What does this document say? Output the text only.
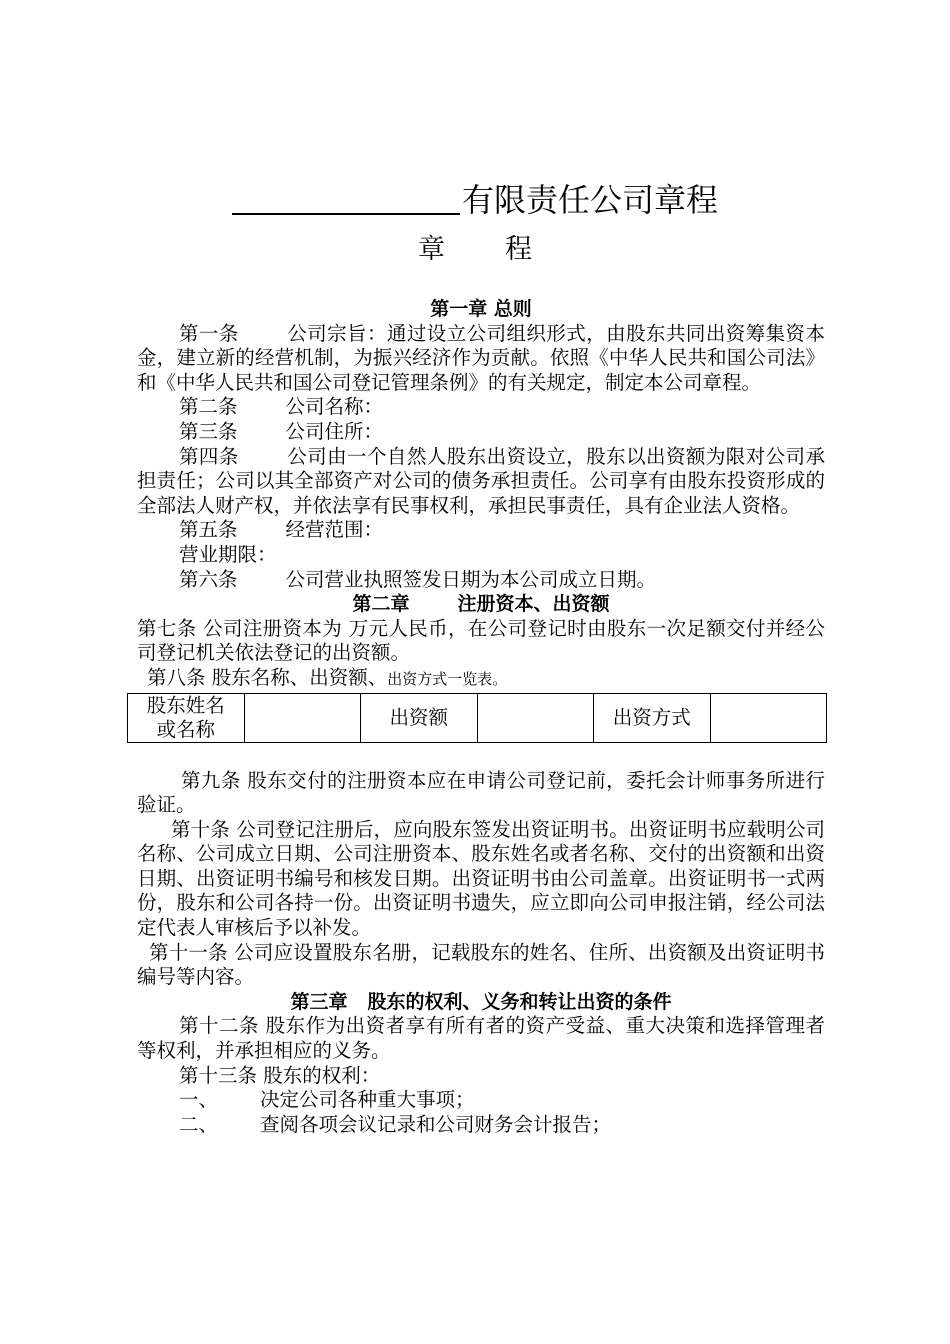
有限责任公司章程
章程

第一章 总则

第一条 公司宗旨：通过设立公司组织形式，由股东共同出资筹集资本金，建立新的经营机制，为振兴经济作为贡献。依照《中华人民共和国公司法》和《中华人民共和国公司登记管理条例》的有关规定，制定本公司章程。

第二条 公司名称：

第三条 公司住所：

第四条 公司由一个自然人股东出资设立，股东以出资额为限对公司承担责任；公司以其全部资产对公司的债务承担责任。公司享有由股东投资形成的全部法人财产权，并依法享有民事权利，承担民事责任，具有企业法人资格。

第五条 经营范围：

营业期限：

第六条 公司营业执照签发日期为本公司成立日期。

第二章	注册资本、出资额

第七条 公司注册资本为 万元人民币，在公司登记时由股东一次足额交付并经公司登记机关依法登记的出资额。

第八条 股东名称、出资额、出资方式一览表。

股东姓名
或名称		出资额		出资方式	

第九条 股东交付的注册资本应在申请公司登记前，委托会计师事务所进行验证。

第十条 公司登记注册后，应向股东签发出资证明书。出资证明书应载明公司名称、公司成立日期、公司注册资本、股东姓名或者名称、交付的出资额和出资日期、出资证明书编号和核发日期。出资证明书由公司盖章。出资证明书一式两份，股东和公司各持一份。出资证明书遗失，应立即向公司申报注销，经公司法定代表人审核后予以补发。

第十一条 公司应设置股东名册，记载股东的姓名、住所、出资额及出资证明书编号等内容。

第三章 股东的权利、义务和转让出资的条件

第十二条 股东作为出资者享有所有者的资产受益、重大决策和选择管理者等权利，并承担相应的义务。

第十三条 股东的权利：

一、 决定公司各种重大事项；

二、 查阅各项会议记录和公司财务会计报告；
